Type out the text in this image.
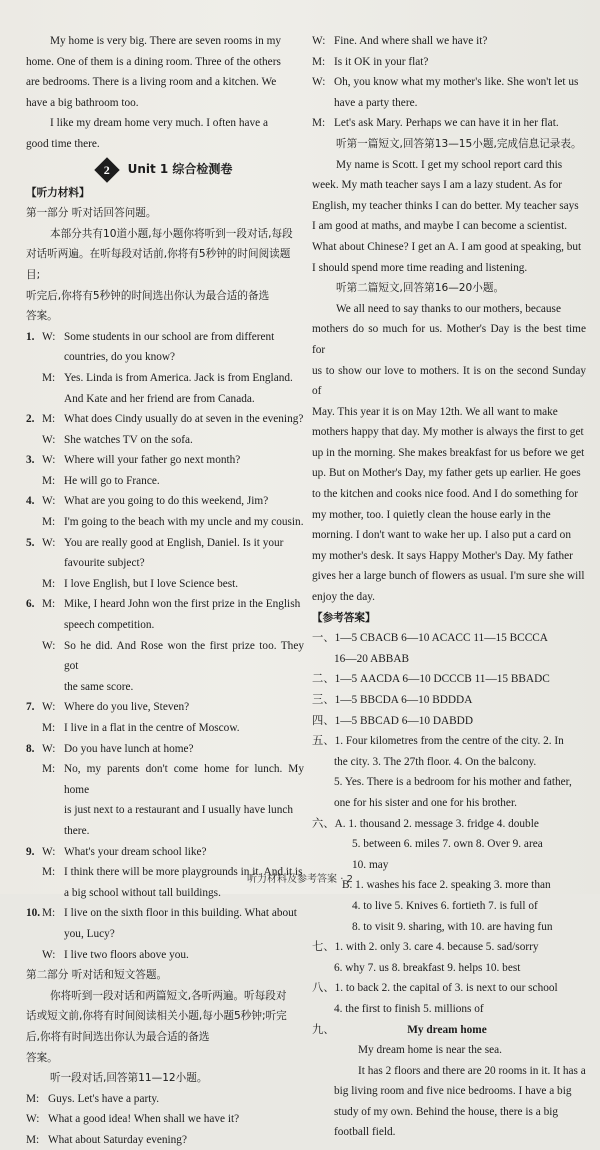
My home is very big. There are seven rooms in my

home. One of them is a dining room. Three of the others

are bedrooms. There is a living room and a kitchen. We

have a big bathroom too.

I like my dream home very much. I often have a

good time there.

2 Unit 1 综合检测卷

【听力材料】

第一部分 听对话回答问题。

本部分共有10道小题,每小题你将听到一段对话,每段

对话听两遍。在听每段对话前,你将有5秒钟的时间阅读题目;

听完后,你将有5秒钟的时间选出你认为最合适的备选

答案。

1. W: Some students in our school are from different
countries, do you know?
M: Yes. Linda is from America. Jack is from England.
And Kate and her friend are from Canada.
2. M: What does Cindy usually do at seven in the evening?
W: She watches TV on the sofa.
3. W: Where will your father go next month?
M: He will go to France.
4. W: What are you going to do this weekend, Jim?
M: I'm going to the beach with my uncle and my cousin.
5. W: You are really good at English, Daniel. Is it your
favourite subject?
M: I love English, but I love Science best.
6. M: Mike, I heard John won the first prize in the English
speech competition.
W: So he did. And Rose won the first prize too. They got
the same score.
7. W: Where do you live, Steven?
M: I live in a flat in the centre of Moscow.
8. W: Do you have lunch at home?
M: No, my parents don't come home for lunch. My home
is just next to a restaurant and I usually have lunch
there.
9. W: What's your dream school like?
M: I think there will be more playgrounds in it. And it is
a big school without tall buildings.
10. M: I live on the sixth floor in this building. What about
you, Lucy?
W: I live two floors above you.

第二部分 听对话和短文答题。

你将听到一段对话和两篇短文,各听两遍。听每段对

话或短文前,你将有时间阅读相关小题,每小题5秒钟;听完

后,你将有时间选出你认为最合适的备选

答案。

听一段对话,回答第11—12小题。

M: Guys. Let's have a party.
W: What a good idea! When shall we have it?
M: What about Saturday evening?
W: Fine. And where shall we have it?
M: Is it OK in your flat?
W: Oh, you know what my mother's like. She won't let us
have a party there.
M: Let's ask Mary. Perhaps we can have it in her flat.

听第一篇短文,回答第13—15小题,完成信息记录表。

My name is Scott. I get my school report card this

week. My math teacher says I am a lazy student. As for

English, my teacher thinks I can do better. My teacher says

I am good at maths, and maybe I can become a scientist.

What about Chinese? I get an A. I am good at speaking, but

I should spend more time reading and listening.

听第二篇短文,回答第16—20小题。

We all need to say thanks to our mothers, because

mothers do so much for us. Mother's Day is the best time for

us to show our love to mothers. It is on the second Sunday of

May. This year it is on May 12th. We all want to make

mothers happy that day. My mother is always the first to get

up in the morning. She makes breakfast for us before we get

up. But on Mother's Day, my father gets up earlier. He goes

to the kitchen and cooks nice food. And I do something for

my mother, too. I quietly clean the house early in the

morning. I don't want to wake her up. I also put a card on

my mother's desk. It says Happy Mother's Day. My father

gives her a large bunch of flowers as usual. I'm sure she will

enjoy the day.

【参考答案】

一、1—5 CBACB 6—10 ACACC 11—15 BCCCA

16—20 ABBAB

二、1—5 AACDA 6—10 DCCCB 11—15 BBADC

三、1—5 BBCDA 6—10 BDDDA

四、1—5 BBCAD 6—10 DABDD

五、1. Four kilometres from the centre of the city. 2. In

the city. 3. The 27th floor. 4. On the balcony.

5. Yes. There is a bedroom for his mother and father,

one for his sister and one for his brother.

六、A. 1. thousand 2. message 3. fridge 4. double

5. between 6. miles 7. own 8. Over 9. area

10. may

B. 1. washes his face 2. speaking 3. more than

4. to live 5. Knives 6. fortieth 7. is full of

8. to visit 9. sharing, with 10. are having fun

七、1. with 2. only 3. care 4. because 5. sad/sorry

6. why 7. us 8. breakfast 9. helps 10. best

八、1. to back 2. the capital of 3. is next to our school

4. the first to finish 5. millions of

九、	My dream home

My dream home is near the sea.

It has 2 floors and there are 20 rooms in it. It has a

big living room and five nice bedrooms. I have a big

study of my own. Behind the house, there is a big

football field.

听力材料及参考答案 · 2
